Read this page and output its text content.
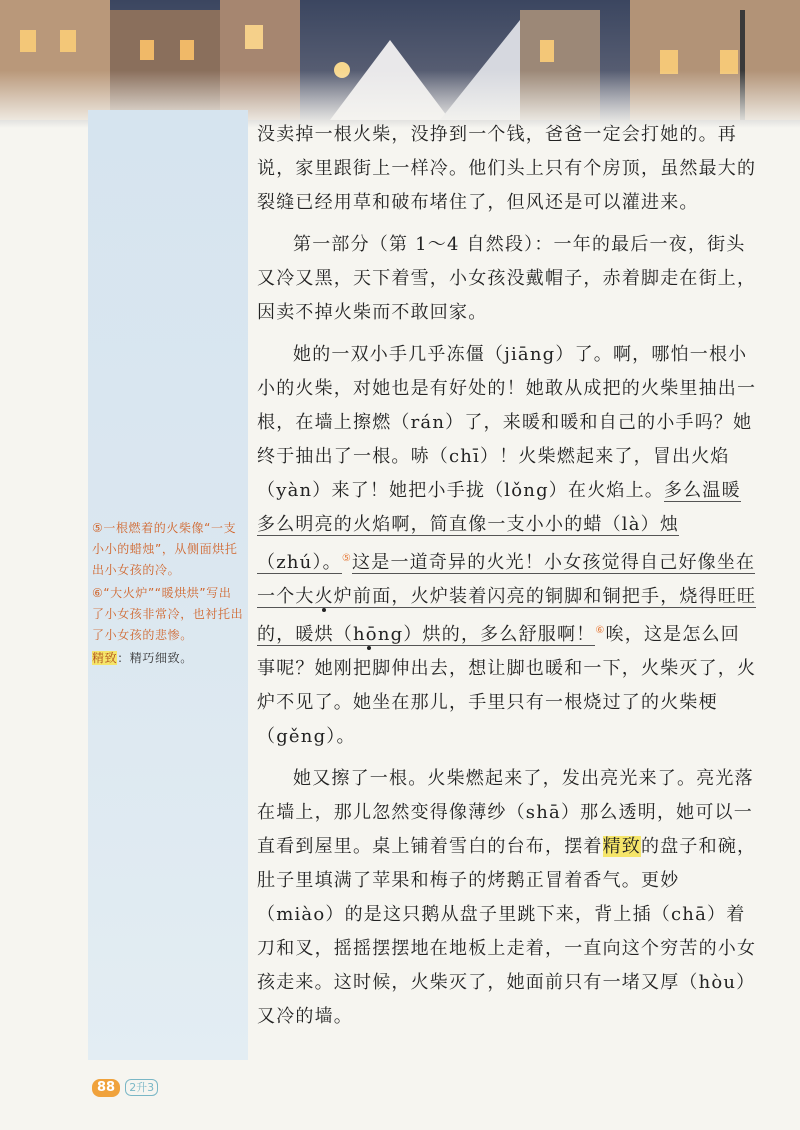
没卖掉一根火柴，没挣到一个钱，爸爸一定会打她的。再说，家里跟街上一样冷。他们头上只有个房顶，虽然最大的裂缝已经用草和破布堵住了，但风还是可以灌进来。

第一部分（第 1～4 自然段）：一年的最后一夜，街头又冷又黑，天下着雪，小女孩没戴帽子，赤着脚走在街上，因卖不掉火柴而不敢回家。

她的一双小手几乎冻僵（jiāng）了。啊，哪怕一根小小的火柴，对她也是有好处的！她敢从成把的火柴里抽出一根，在墙上擦燃（rán）了，来暖和暖和自己的小手吗？她终于抽出了一根。哧（chī）！火柴燃起来了，冒出火焰（yàn）来了！她把小手拢（lǒng）在火焰上。多么温暖多么明亮的火焰啊，简直像一支小小的蜡（là）烛（zhú）。⑤这是一道奇异的火光！小女孩觉得自己好像坐在一个大火炉前面，火炉装着闪亮的铜脚和铜把手，烧得旺旺的，暖烘（hōng）烘的，多么舒服啊！⑥唉，这是怎么回事呢？她刚把脚伸出去，想让脚也暖和一下，火柴灭了，火炉不见了。她坐在那儿，手里只有一根烧过了的火柴梗（gěng）。

她又擦了一根。火柴燃起来了，发出亮光来了。亮光落在墙上，那儿忽然变得像薄纱（shā）那么透明，她可以一直看到屋里。桌上铺着雪白的台布，摆着精致的盘子和碗，肚子里填满了苹果和梅子的烤鹅正冒着香气。更妙（miào）的是这只鹅从盘子里跳下来，背上插（chā）着刀和叉，摇摇摆摆地在地板上走着，一直向这个穷苦的小女孩走来。这时候，火柴灭了，她面前只有一堵又厚（hòu）又冷的墙。

⑤一根燃着的火柴像“一支小小的蜡烛”，从侧面烘托出小女孩的冷。
⑥“大火炉”“暖烘烘”写出了小女孩非常冷，也衬托出了小女孩的悲惨。
精致：精巧细致。
88 2升3
